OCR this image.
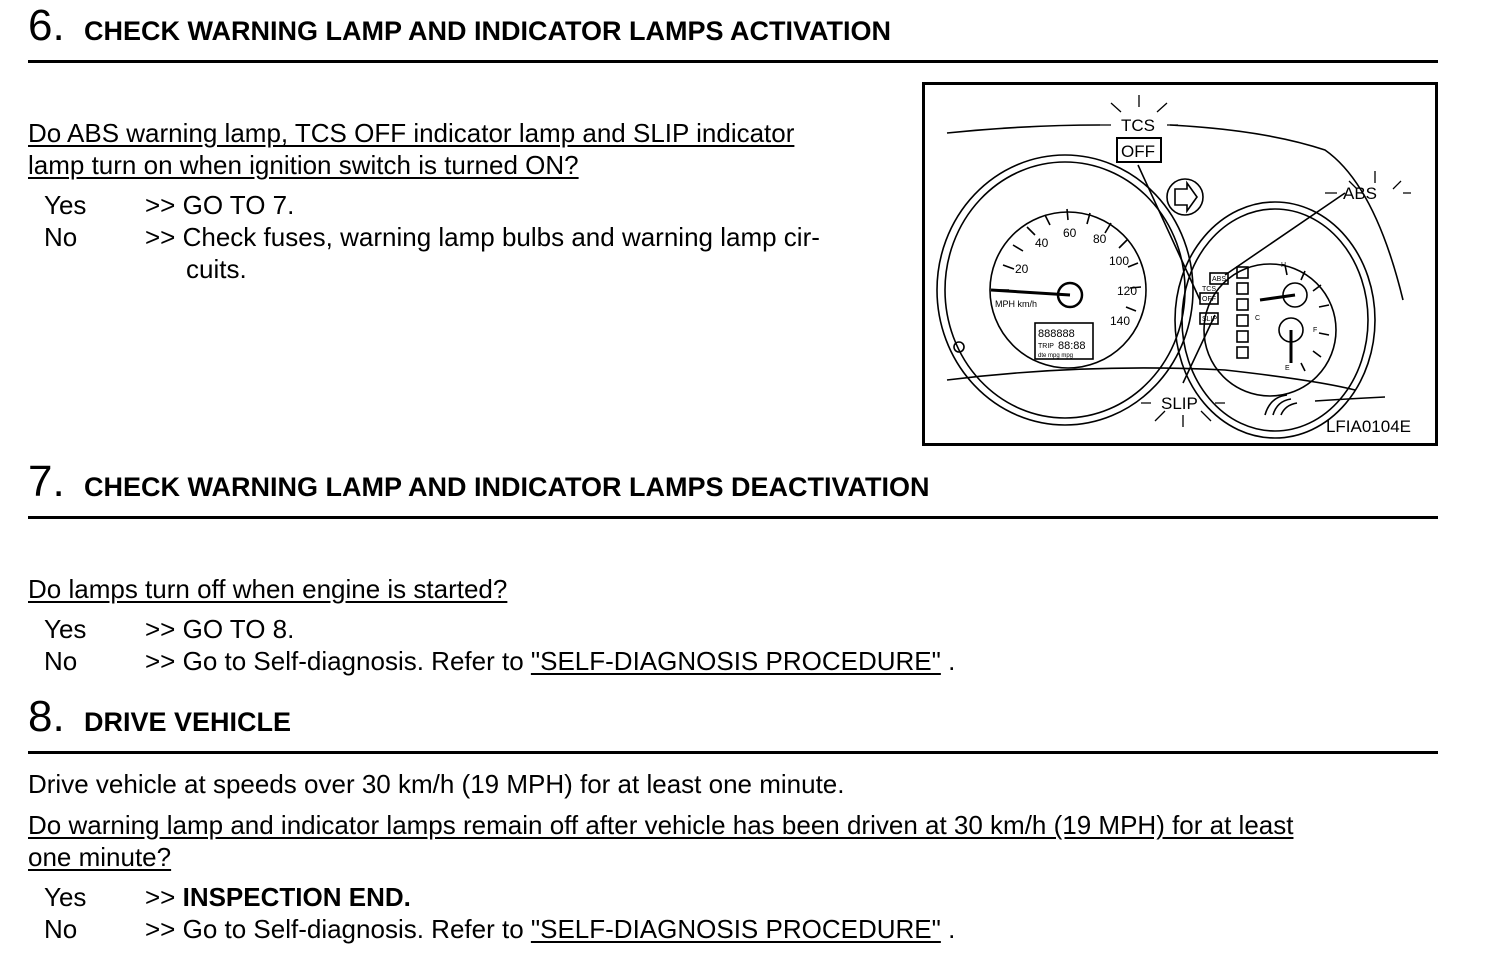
6. CHECK WARNING LAMP AND INDICATOR LAMPS ACTIVATION
Do ABS warning lamp, TCS OFF indicator lamp and SLIP indicator
lamp turn on when ignition switch is turned ON?
Yes >> GO TO 7.
No	>> Check fuses, warning lamp bulbs and warning lamp cir-
cuits.
TCS
OFF
ABS
SLIP
20
40
60 80
100
120
140
MPH km/h
888888
TRIP 88:88
dte mpg mpg
ABS
TCS
OFF
SLIP
H
C
F
E
LFIA0104E
7. CHECK WARNING LAMP AND INDICATOR LAMPS DEACTIVATION
Do lamps turn off when engine is started?
Yes >> GO TO 8.
No	>> Go to Self-diagnosis. Refer to "SELF-DIAGNOSIS PROCEDURE" .
8. DRIVE VEHICLE
Drive vehicle at speeds over 30 km/h (19 MPH) for at least one minute.
Do warning lamp and indicator lamps remain off after vehicle has been driven at 30 km/h (19 MPH) for at least
one minute?
Yes >> INSPECTION END.
No	>> Go to Self-diagnosis. Refer to "SELF-DIAGNOSIS PROCEDURE" .
